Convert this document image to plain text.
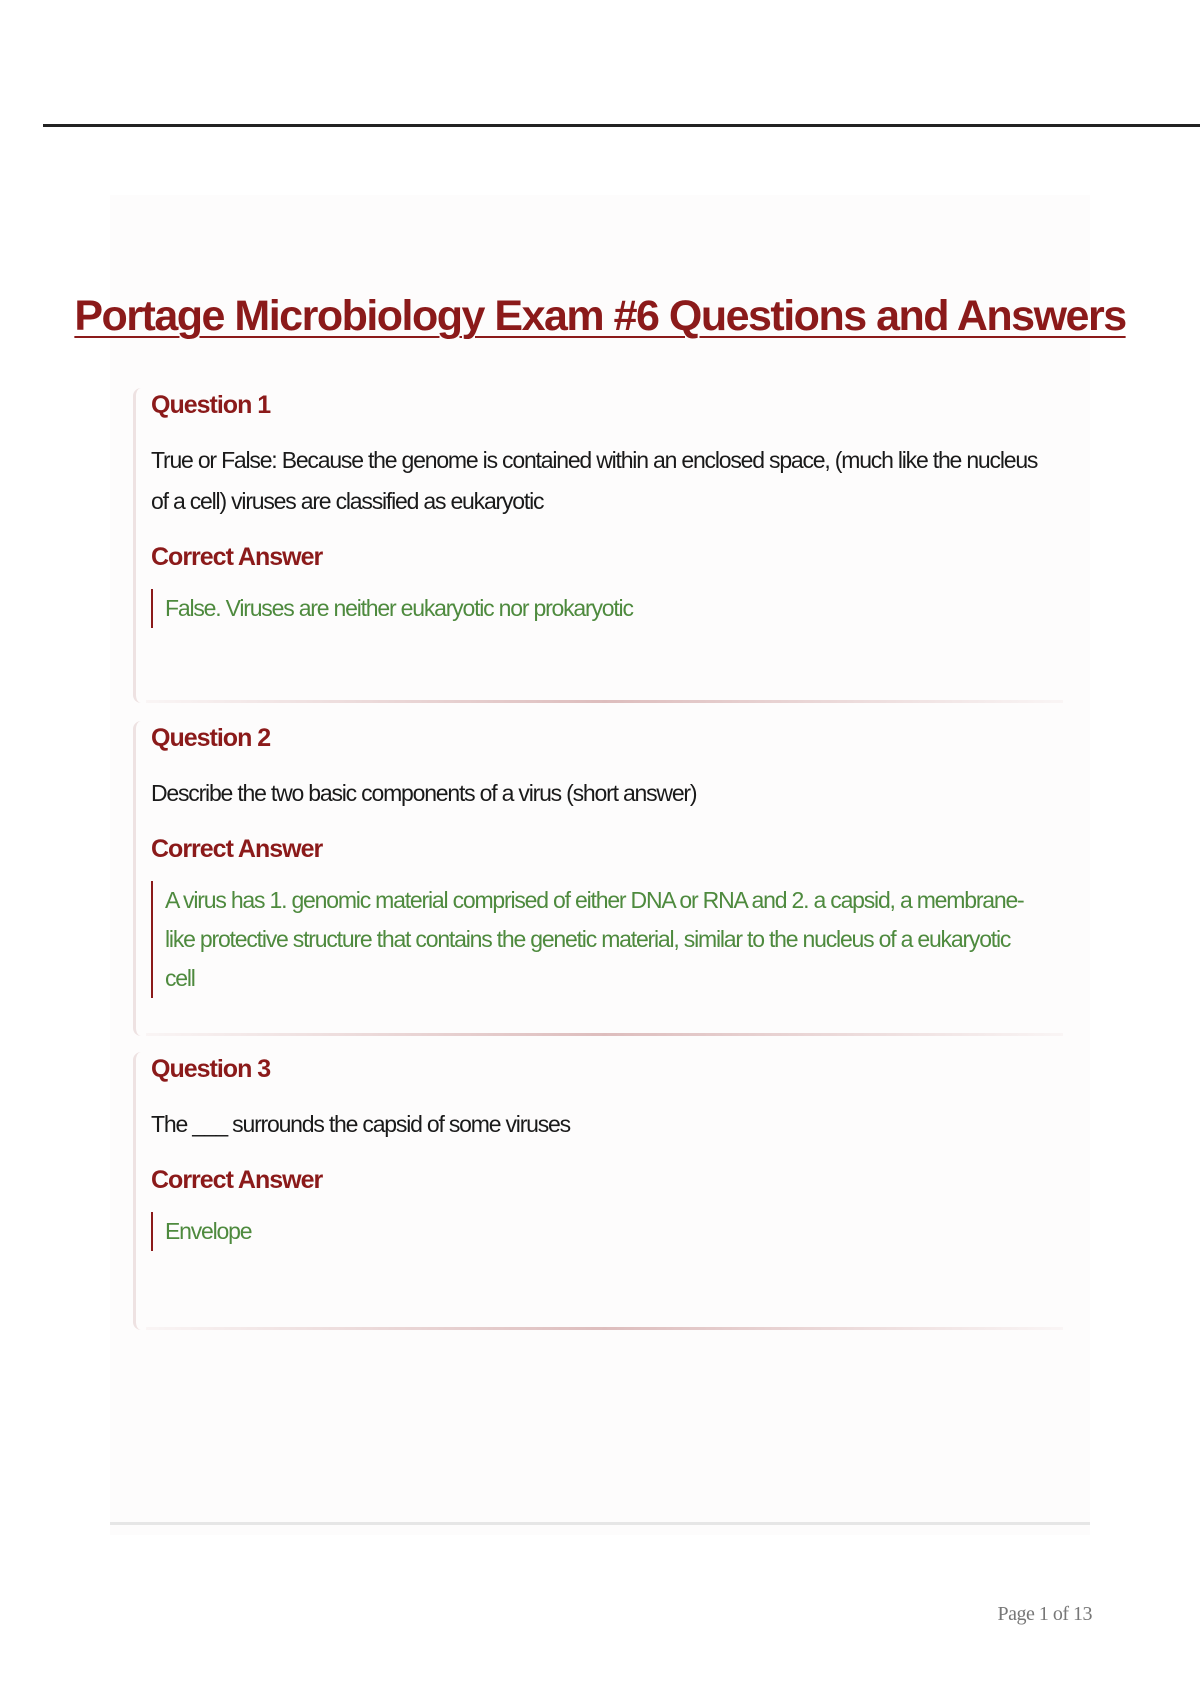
Portage Microbiology Exam #6 Questions and Answers
Question 1
True or False: Because the genome is contained within an enclosed space, (much like the nucleus of a cell) viruses are classified as eukaryotic
Correct Answer
False. Viruses are neither eukaryotic nor prokaryotic
Question 2
Describe the two basic components of a virus (short answer)
Correct Answer
A virus has 1. genomic material comprised of either DNA or RNA and 2. a capsid, a membrane-like protective structure that contains the genetic material, similar to the nucleus of a eukaryotic cell
Question 3
The ___ surrounds the capsid of some viruses
Correct Answer
Envelope
Page 1 of 13
